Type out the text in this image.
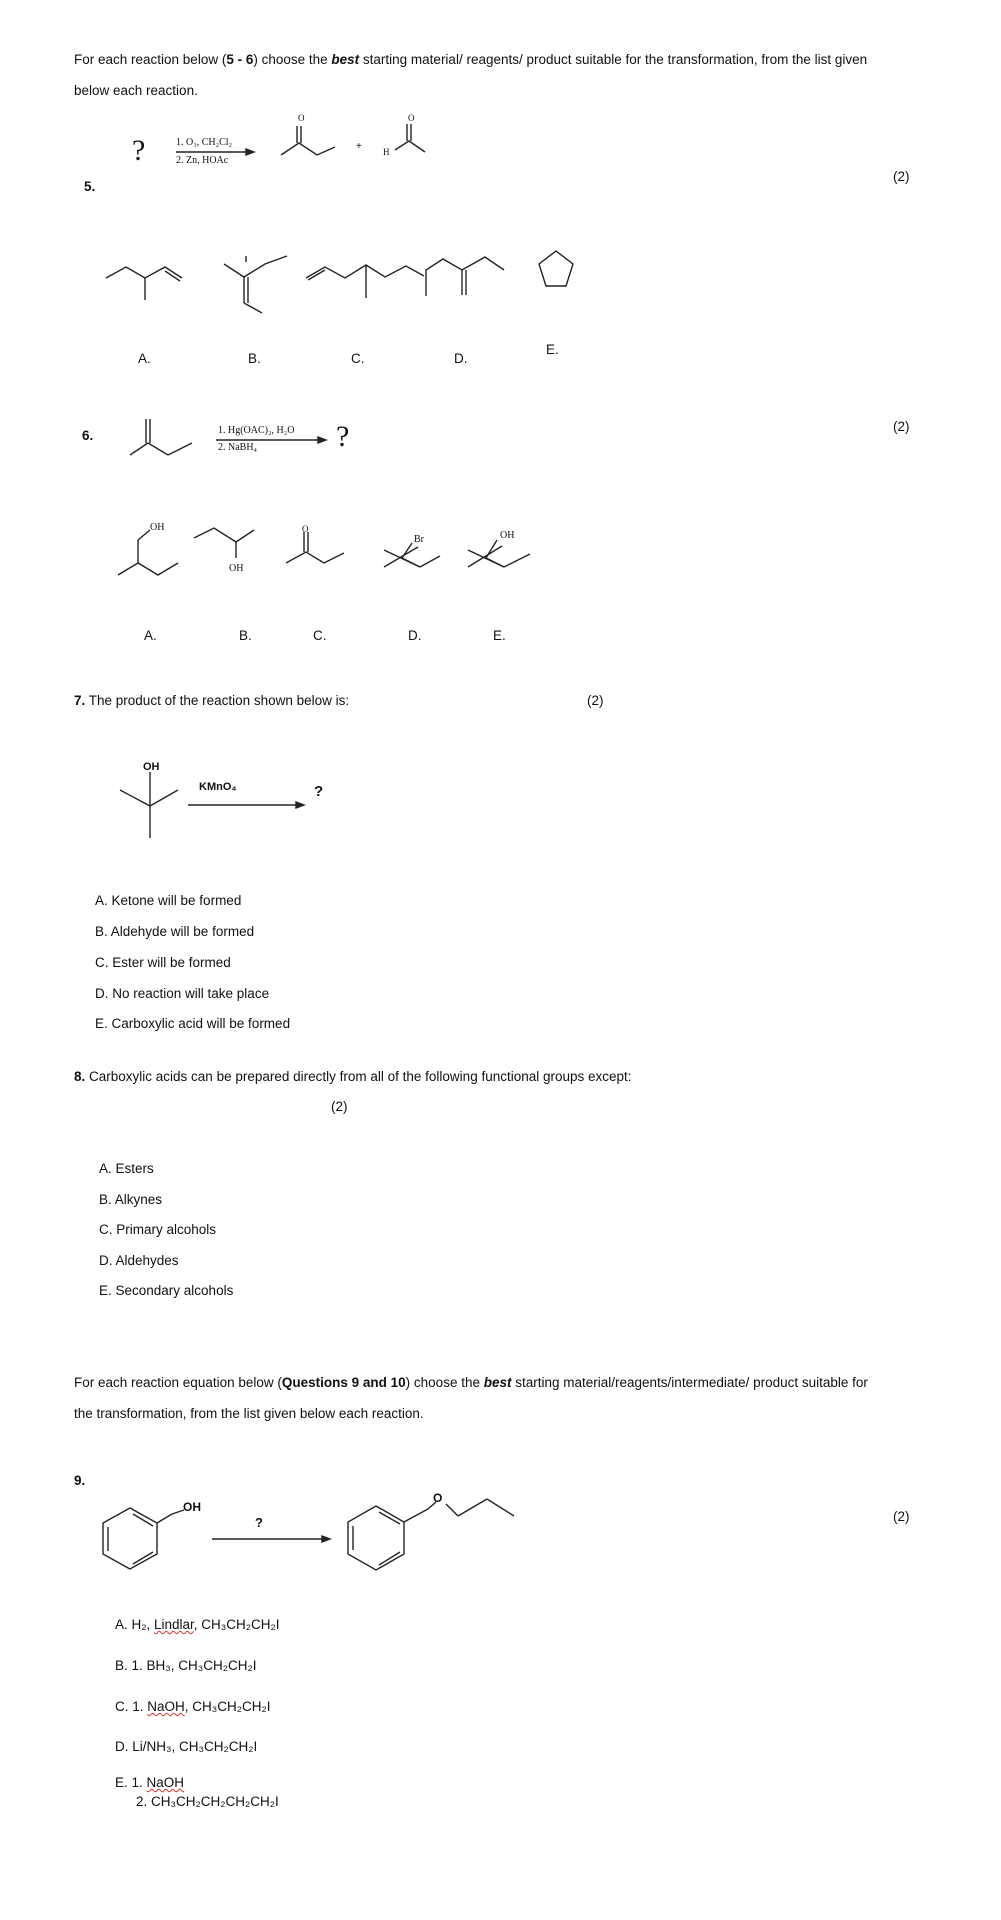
For each reaction below (5 - 6) choose the best starting material/ reagents/ product suitable for the transformation, from the list given
below each reaction.
5.
(2)
?	1. O₃, CH₂Cl₂
2. Zn, HOAc
O
+
O
H
A.	B.	C.	D.
E.
6.
(2)
1. Hg(OAC)₂, H₂O
2. NaBH₄	?
OH
OH
O
Br	OH
A.	B.	C.	D.	E.
7. The product of the reaction shown below is:	(2)
OH
KMnO₄	?
A. Ketone will be formed
B. Aldehyde will be formed
C. Ester will be formed
D. No reaction will take place
E. Carboxylic acid will be formed
8. Carboxylic acids can be prepared directly from all of the following functional groups except:
(2)
A. Esters
B. Alkynes
C. Primary alcohols
D. Aldehydes
E. Secondary alcohols
For each reaction equation below (Questions 9 and 10) choose the best starting material/reagents/intermediate/ product suitable for
the transformation, from the list given below each reaction.
9.
(2)
OH
?
O
A. H₂, Lindlar, CH₃CH₂CH₂I
B. 1. BH₃, CH₃CH₂CH₂I
C. 1. NaOH, CH₃CH₂CH₂I
D. Li/NH₃, CH₃CH₂CH₂I
E. 1. NaOH
2. CH₃CH₂CH₂CH₂CH₂I
